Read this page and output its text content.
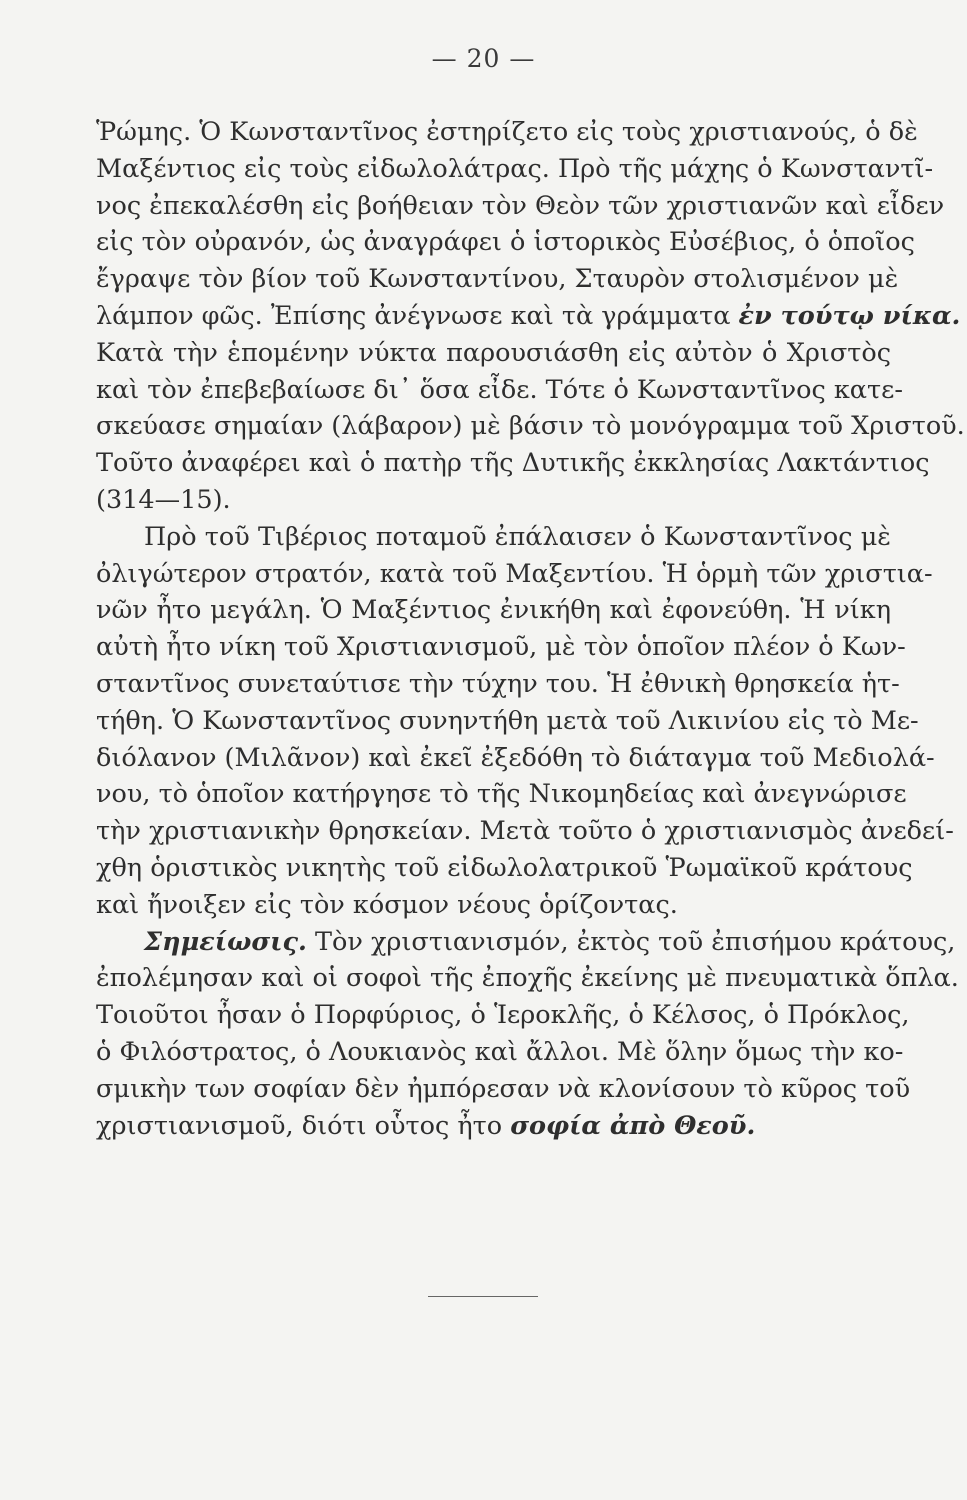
— 20 —
Ῥώμης. Ὁ Κωνσταντῖνος ἐστηρίζετο εἰς τοὺς χριστιανούς, ὁ δὲ
Μαξέντιος εἰς τοὺς εἰδωλολάτρας. Πρὸ τῆς μάχης ὁ Κωνσταντῖ-
νος ἐπεκαλέσθη εἰς βοήθειαν τὸν Θεὸν τῶν χριστιανῶν καὶ εἶδεν
εἰς τὸν οὐρανόν, ὡς ἀναγράφει ὁ ἱστορικὸς Εὐσέβιος, ὁ ὁποῖος
ἔγραψε τὸν βίον τοῦ Κωνσταντίνου, Σταυρὸν στολισμένον μὲ
λάμπον φῶς. Ἐπίσης ἀνέγνωσε καὶ τὰ γράμματα ἐν τούτῳ νίκα.
Κατὰ τὴν ἑπομένην νύκτα παρουσιάσθη εἰς αὐτὸν ὁ Χριστὸς
καὶ τὸν ἐπεβεβαίωσε δι᾽ ὅσα εἶδε. Τότε ὁ Κωνσταντῖνος κατε-
σκεύασε σημαίαν (λάβαρον) μὲ βάσιν τὸ μονόγραμμα τοῦ Χριστοῦ.
Τοῦτο ἀναφέρει καὶ ὁ πατὴρ τῆς Δυτικῆς ἐκκλησίας Λακτάντιος
(314—15).
Πρὸ τοῦ Τιβέριος ποταμοῦ ἐπάλαισεν ὁ Κωνσταντῖνος μὲ
ὀλιγώτερον στρατόν, κατὰ τοῦ Μαξεντίου. Ἡ ὁρμὴ τῶν χριστια-
νῶν ἦτο μεγάλη. Ὁ Μαξέντιος ἐνικήθη καὶ ἐφονεύθη. Ἡ νίκη
αὐτὴ ἦτο νίκη τοῦ Χριστιανισμοῦ, μὲ τὸν ὁποῖον πλέον ὁ Κων-
σταντῖνος συνεταύτισε τὴν τύχην του. Ἡ ἐθνικὴ θρησκεία ἡτ-
τήθη. Ὁ Κωνσταντῖνος συνηντήθη μετὰ τοῦ Λικινίου εἰς τὸ Με-
διόλανον (Μιλᾶνον) καὶ ἐκεῖ ἐξεδόθη τὸ διάταγμα τοῦ Μεδιολά-
νου, τὸ ὁποῖον κατήργησε τὸ τῆς Νικομηδείας καὶ ἀνεγνώρισε
τὴν χριστιανικὴν θρησκείαν. Μετὰ τοῦτο ὁ χριστιανισμὸς ἀνεδεί-
χθη ὁριστικὸς νικητὴς τοῦ εἰδωλολατρικοῦ Ῥωμαϊκοῦ κράτους
καὶ ἤνοιξεν εἰς τὸν κόσμον νέους ὁρίζοντας.
Σημείωσις. Τὸν χριστιανισμόν, ἐκτὸς τοῦ ἐπισήμου κράτους,
ἐπολέμησαν καὶ οἱ σοφοὶ τῆς ἐποχῆς ἐκείνης μὲ πνευματικὰ ὅπλα.
Τοιοῦτοι ἦσαν ὁ Πορφύριος, ὁ Ἱεροκλῆς, ὁ Κέλσος, ὁ Πρόκλος,
ὁ Φιλόστρατος, ὁ Λουκιανὸς καὶ ἄλλοι. Μὲ ὅλην ὅμως τὴν κο-
σμικὴν των σοφίαν δὲν ἠμπόρεσαν νὰ κλονίσουν τὸ κῦρος τοῦ
χριστιανισμοῦ, διότι οὗτος ἦτο σοφία ἀπὸ Θεοῦ.
